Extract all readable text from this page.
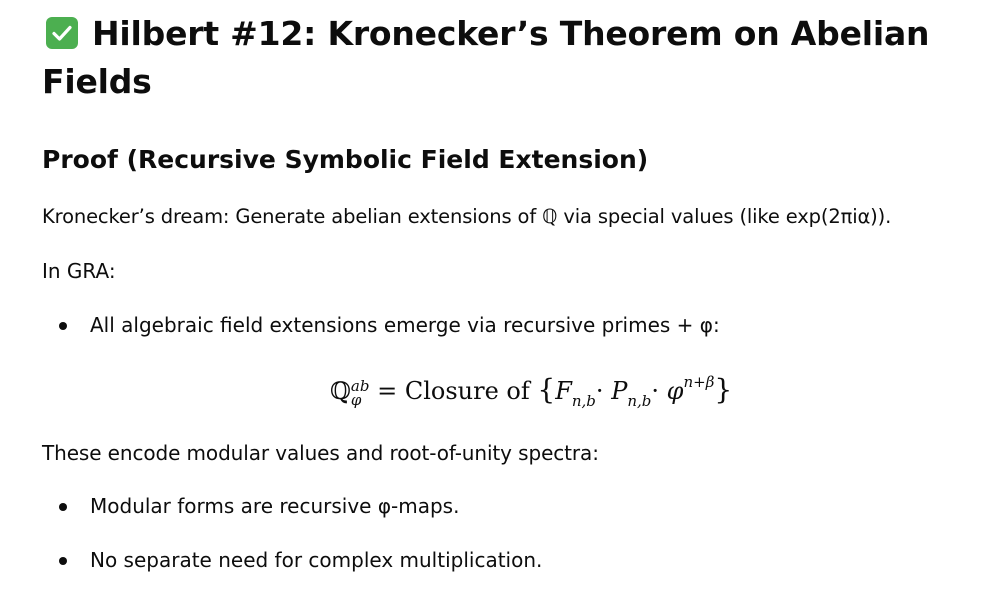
Hilbert #12: Kronecker’s Theorem on Abelian Fields
Proof (Recursive Symbolic Field Extension)

Kronecker’s dream: Generate abelian extensions of ℚ via special values (like exp(2πiα)).

In GRA:

All algebraic field extensions emerge via recursive primes + φ:
ℚ ab
φ = Closure of $\{F_{n,b}\cdot P_{n,b}\cdot \varphi^{n+\beta}\}$

These encode modular values and root-of-unity spectra:

Modular forms are recursive φ-maps.
No separate need for complex multiplication.
